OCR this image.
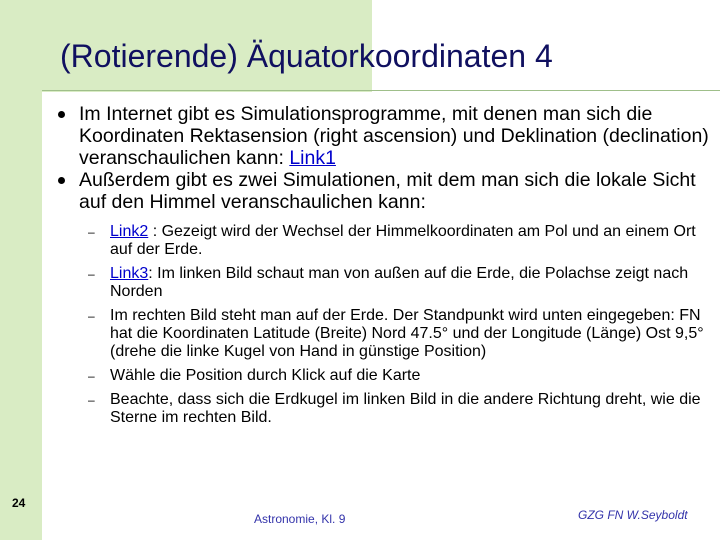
(Rotierende) Äquatorkoordinaten 4
Im Internet gibt es Simulationsprogramme, mit denen man sich die Koordinaten Rektasension (right ascension) und Deklination (declination) veranschaulichen kann: Link1
Außerdem gibt es zwei Simulationen, mit dem man sich die lokale Sicht auf den Himmel veranschaulichen kann:
– Link2 : Gezeigt wird der Wechsel der Himmelkoordinaten am Pol und an einem Ort auf der Erde.
– Link3: Im linken Bild schaut man von außen auf die Erde, die Polachse zeigt nach Norden
– Im rechten Bild steht man auf der Erde. Der Standpunkt wird unten eingegeben: FN hat die Koordinaten Latitude (Breite) Nord 47.5° und der Longitude (Länge) Ost 9,5° (drehe die linke Kugel von Hand in günstige Position)
– Wähle die Position durch Klick auf die Karte
– Beachte, dass sich die Erdkugel im linken Bild in die andere Richtung dreht, wie die Sterne im rechten Bild.
24
Astronomie, Kl. 9	GZG FN W.Seyboldt
